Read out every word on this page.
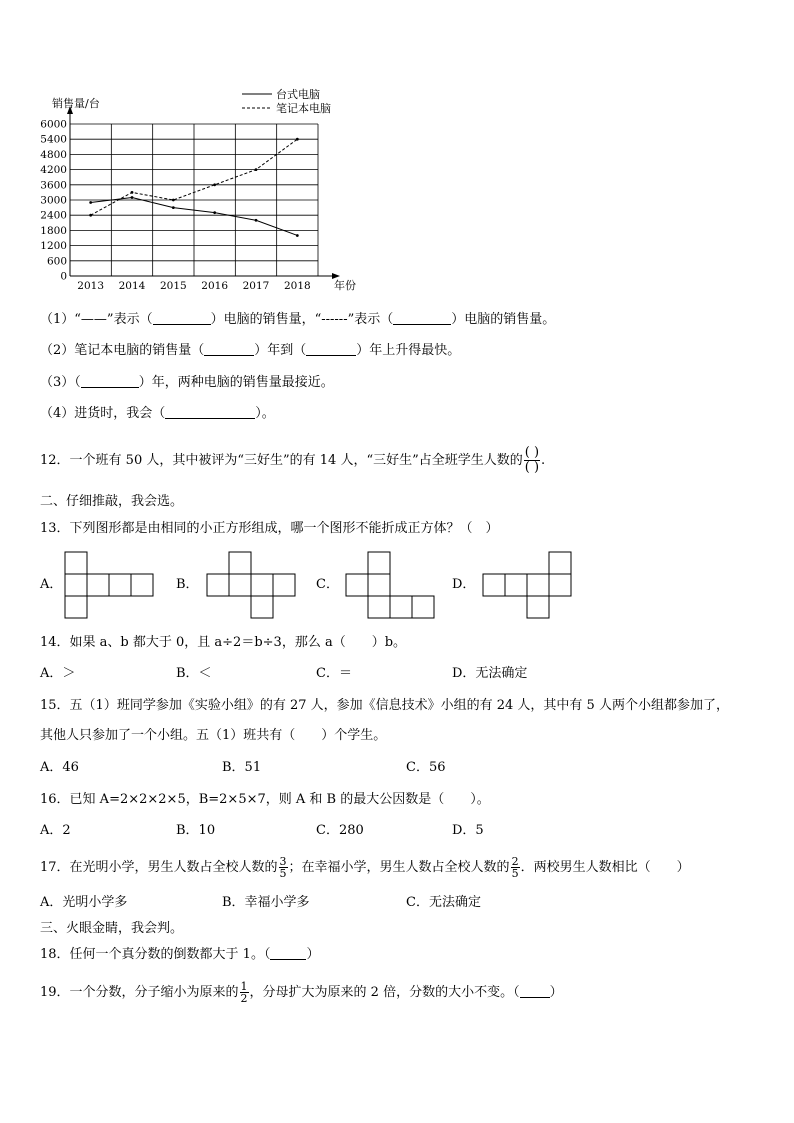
0
600
1200
1800
2400
3000
3600
4200
4800
5400
6000
2013 2014 2015 2016 2017 2018
销售量/台
年份
台式电脑
笔记本电脑
（1）“——”表示（	）电脑的销售量，“------”表示（	）电脑的销售量。
（2）笔记本电脑的销售量（	）年到（	）年上升得最快。
（3）（	）年，两种电脑的销售量最接近。
（4）进货时，我会（	）。
12．一个班有 50 人，其中被评为“三好生”的有 14 人，“三好生”占全班学生人数的 $\frac{( )}{( )}$ .
二、仔细推敲，我会选。
13．下列图形都是由相同的小正方形组成，哪一个图形不能折成正方体？（　）
A．	B．	C．	D．
14．如果 a、b 都大于 0，且 a÷2＝b÷3，那么 a（　　）b。
A．＞	B．＜	C．＝	D．无法确定
15．五（1）班同学参加《实验小组》的有 27 人，参加《信息技术》小组的有 24 人，其中有 5 人两个小组都参加了，
其他人只参加了一个小组。五（1）班共有（　　）个学生。
A．46	B．51	C．56
16．已知 A=2×2×2×5，B=2×5×7，则 A 和 B 的最大公因数是（　　）。
A．2	B．10	C．280	D．5
17．在光明小学，男生人数占全校人数的 $\frac{3}{5}$ ；在幸福小学，男生人数占全校人数的 $\frac{2}{5}$ ．两校男生人数相比（　　）
A．光明小学多	B．幸福小学多	C．无法确定
三、火眼金睛，我会判。
18．任何一个真分数的倒数都大于 1。（	）
19．一个分数，分子缩小为原来的 $\frac{1}{2}$ ，分母扩大为原来的 2 倍，分数的大小不变。（ ）
